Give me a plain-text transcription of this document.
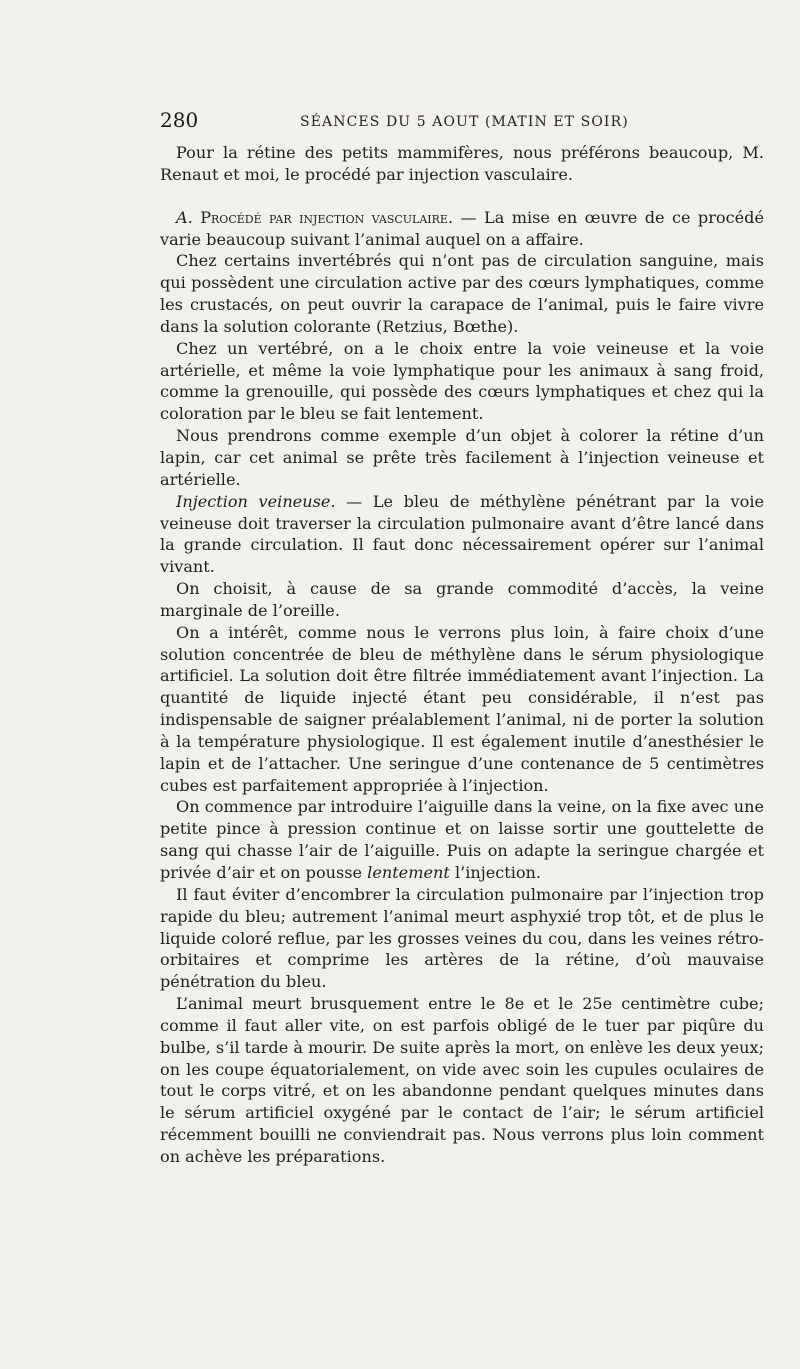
280	SÉANCES DU 5 AOUT (MATIN ET SOIR)

Pour la rétine des petits mammifères, nous préférons beaucoup, M. Renaut et moi, le procédé par injection vasculaire.

A. Procédé par injection vasculaire. — La mise en œuvre de ce procédé varie beaucoup suivant l’animal auquel on a affaire.

Chez certains invertébrés qui n’ont pas de circulation sanguine, mais qui possèdent une circulation active par des cœurs lymphatiques, comme les crustacés, on peut ouvrir la carapace de l’animal, puis le faire vivre dans la solution colorante (Retzius, Bœthe).

Chez un vertébré, on a le choix entre la voie veineuse et la voie artérielle, et même la voie lymphatique pour les animaux à sang froid, comme la grenouille, qui possède des cœurs lymphatiques et chez qui la coloration par le bleu se fait lentement.

Nous prendrons comme exemple d’un objet à colorer la rétine d’un lapin, car cet animal se prête très facilement à l’injection veineuse et artérielle.

Injection veineuse. — Le bleu de méthylène pénétrant par la voie veineuse doit traverser la circulation pulmonaire avant d’être lancé dans la grande circulation. Il faut donc nécessairement opérer sur l’animal vivant.

On choisit, à cause de sa grande commodité d’accès, la veine marginale de l’oreille.

On a intérêt, comme nous le verrons plus loin, à faire choix d’une solution concentrée de bleu de méthylène dans le sérum physiologique artificiel. La solution doit être filtrée immédiatement avant l’injection. La quantité de liquide injecté étant peu considérable, il n’est pas indispensable de saigner préalablement l’animal, ni de porter la solution à la température physiologique. Il est également inutile d’anesthésier le lapin et de l’attacher. Une seringue d’une contenance de 5 centimètres cubes est parfaitement appropriée à l’injection.

On commence par introduire l’aiguille dans la veine, on la fixe avec une petite pince à pression continue et on laisse sortir une gouttelette de sang qui chasse l’air de l’aiguille. Puis on adapte la seringue chargée et privée d’air et on pousse lentement l’injection.

Il faut éviter d’encombrer la circulation pulmonaire par l’injection trop rapide du bleu; autrement l’animal meurt asphyxié trop tôt, et de plus le liquide coloré reflue, par les grosses veines du cou, dans les veines rétro-orbitaires et comprime les artères de la rétine, d’où mauvaise pénétration du bleu.

L’animal meurt brusquement entre le 8e et le 25e centimètre cube; comme il faut aller vite, on est parfois obligé de le tuer par piqûre du bulbe, s’il tarde à mourir. De suite après la mort, on enlève les deux yeux; on les coupe équatorialement, on vide avec soin les cupules oculaires de tout le corps vitré, et on les abandonne pendant quelques minutes dans le sérum artificiel oxygéné par le contact de l’air; le sérum artificiel récemment bouilli ne conviendrait pas. Nous verrons plus loin comment on achève les préparations.
